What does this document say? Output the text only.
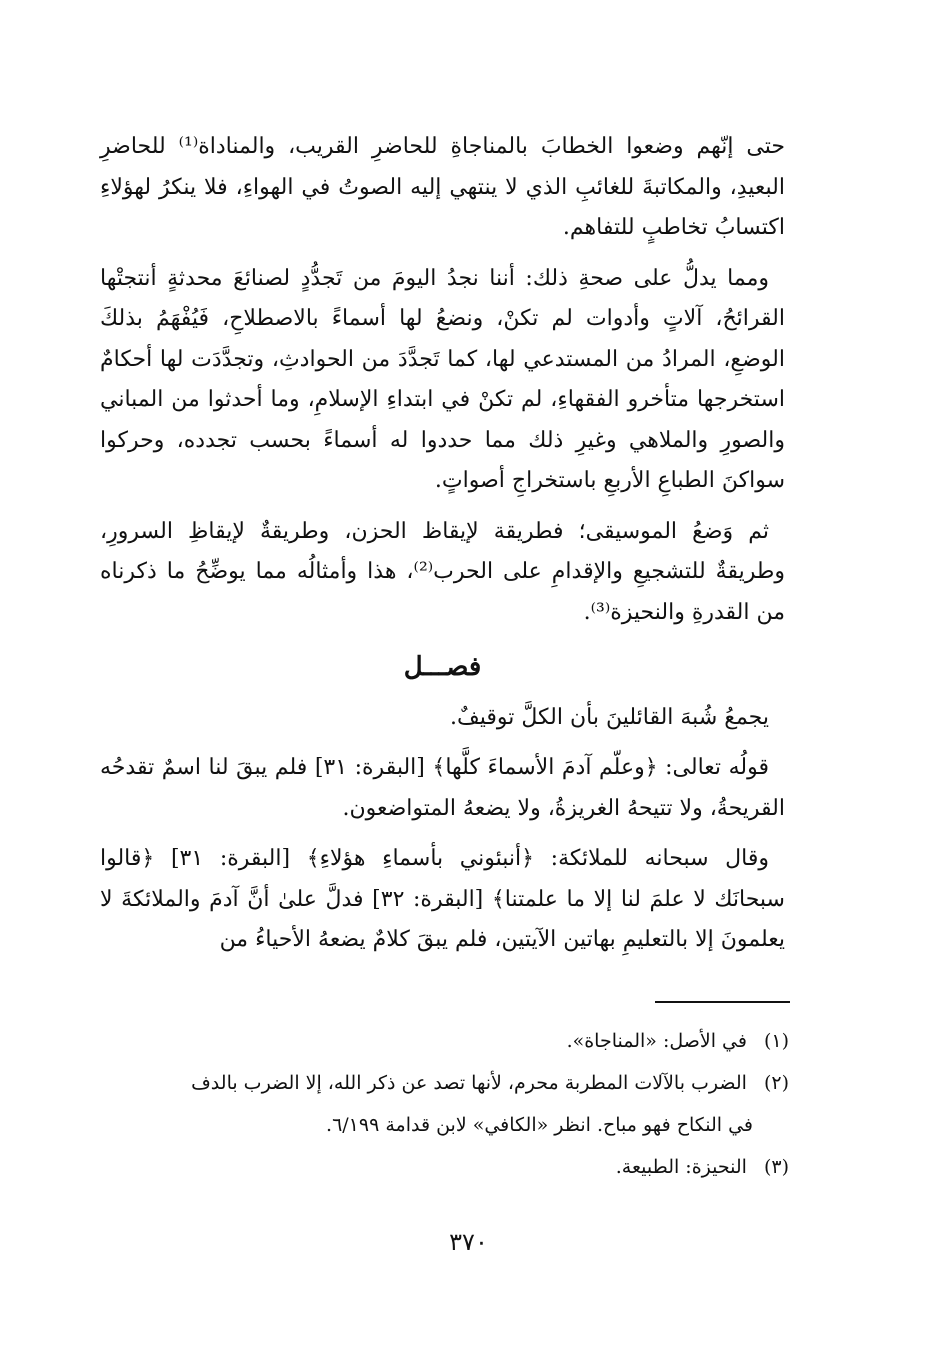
حتى إنّهم وضعوا الخطابَ بالمناجاةِ للحاضرِ القريب، والمناداة⁽¹⁾ للحاضرِ البعيدِ، والمكاتبةَ للغائبِ الذي لا ينتهي إليه الصوتُ في الهواءِ، فلا ينكرُ لهؤلاءِ اكتسابُ تخاطبٍ للتفاهم.

ومما يدلُّ على صحةِ ذلك: أننا نجدُ اليومَ من تَجدُّدٍ لصنائعَ محدثةٍ أنتجتْها القرائحُ، آلاتٍ وأدوات لم تكنْ، ونضعُ لها أسماءً بالاصطلاحِ، فَيُفْهَمُ بذلكَ الوضعِ، المرادُ من المستدعي لها، كما تَجدَّدَ من الحوادثِ، وتجدَّدَت لها أحكامٌ استخرجها متأخرو الفقهاءِ، لم تكنْ في ابتداءِ الإسلامِ، وما أحدثوا من المباني والصورِ والملاهي وغيرِ ذلك مما حددوا له أسماءً بحسب تجدده، وحركوا سواكنَ الطباعِ الأربعِ باستخراجِ أصواتٍ.

ثم وَضعُ الموسيقى؛ فطريقة لإيقاظ الحزن، وطريقةٌ لإيقاظِ السرورِ، وطريقةٌ للتشجيعِ والإقدامِ على الحرب⁽²⁾، هذا وأمثالُه مما يوضِّحُ ما ذكرناه من القدرةِ والنحيزة⁽³⁾.

فصـــل

يجمعُ شُبهَ القائلينَ بأن الكلَّ توقيفٌ.

قولُه تعالى: ﴿وعلّم آدمَ الأسماءَ كلَّها﴾ [البقرة: ٣١] فلم يبقَ لنا اسمٌ تقدحُه القريحةُ، ولا تتيحهُ الغريزةُ، ولا يضعهُ المتواضعون.

وقال سبحانه للملائكة: ﴿أنبئوني بأسماءِ هؤلاءِ﴾ [البقرة: ٣١] ﴿قالوا سبحانَك لا علمَ لنا إلا ما علمتنا﴾ [البقرة: ٣٢] فدلَّ علىٰ أنَّ آدمَ والملائكةَ لا يعلمونَ إلا بالتعليمِ بهاتين الآيتين، فلم يبقَ كلامٌ يضعهُ الأحياءُ من

(١) في الأصل: «المناجاة».

(٢) الضرب بالآلات المطربة محرم، لأنها تصد عن ذكر الله، إلا الضرب بالدف

في النكاح فهو مباح. انظر «الكافي» لابن قدامة ٦/١٩٩.

(٣) النحيزة: الطبيعة.

٣٧٠
